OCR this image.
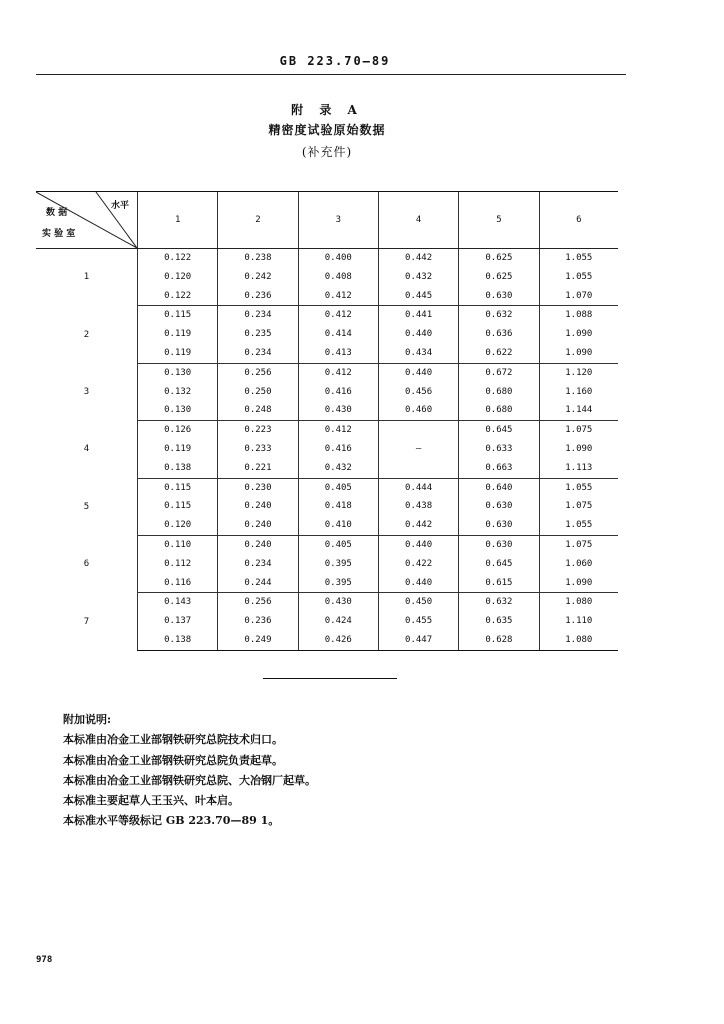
GB 223.70—89
附 录 A
精密度试验原始数据
(补充件)
水平
数 据
实 验 室	1	2	3	4	5	6
1	0.122	0.238	0.400	0.442	0.625	1.055
	0.120	0.242	0.408	0.432	0.625	1.055
	0.122	0.236	0.412	0.445	0.630	1.070
2	0.115	0.234	0.412	0.441	0.632	1.088
	0.119	0.235	0.414	0.440	0.636	1.090
	0.119	0.234	0.413	0.434	0.622	1.090
3	0.130	0.256	0.412	0.440	0.672	1.120
	0.132	0.250	0.416	0.456	0.680	1.160
	0.130	0.248	0.430	0.460	0.680	1.144
4	0.126	0.223	0.412		0.645	1.075
	0.119	0.233	0.416	—	0.633	1.090
	0.138	0.221	0.432		0.663	1.113
5	0.115	0.230	0.405	0.444	0.640	1.055
	0.115	0.240	0.418	0.438	0.630	1.075
	0.120	0.240	0.410	0.442	0.630	1.055
6	0.110	0.240	0.405	0.440	0.630	1.075
	0.112	0.234	0.395	0.422	0.645	1.060
	0.116	0.244	0.395	0.440	0.615	1.090
7	0.143	0.256	0.430	0.450	0.632	1.080
	0.137	0.236	0.424	0.455	0.635	1.110
	0.138	0.249	0.426	0.447	0.628	1.080
附加说明:
本标准由冶金工业部钢铁研究总院技术归口。
本标准由冶金工业部钢铁研究总院负责起草。
本标准由冶金工业部钢铁研究总院、大冶钢厂起草。
本标准主要起草人王玉兴、叶本启。
本标准水平等级标记 GB 223.70—89 1。
978
